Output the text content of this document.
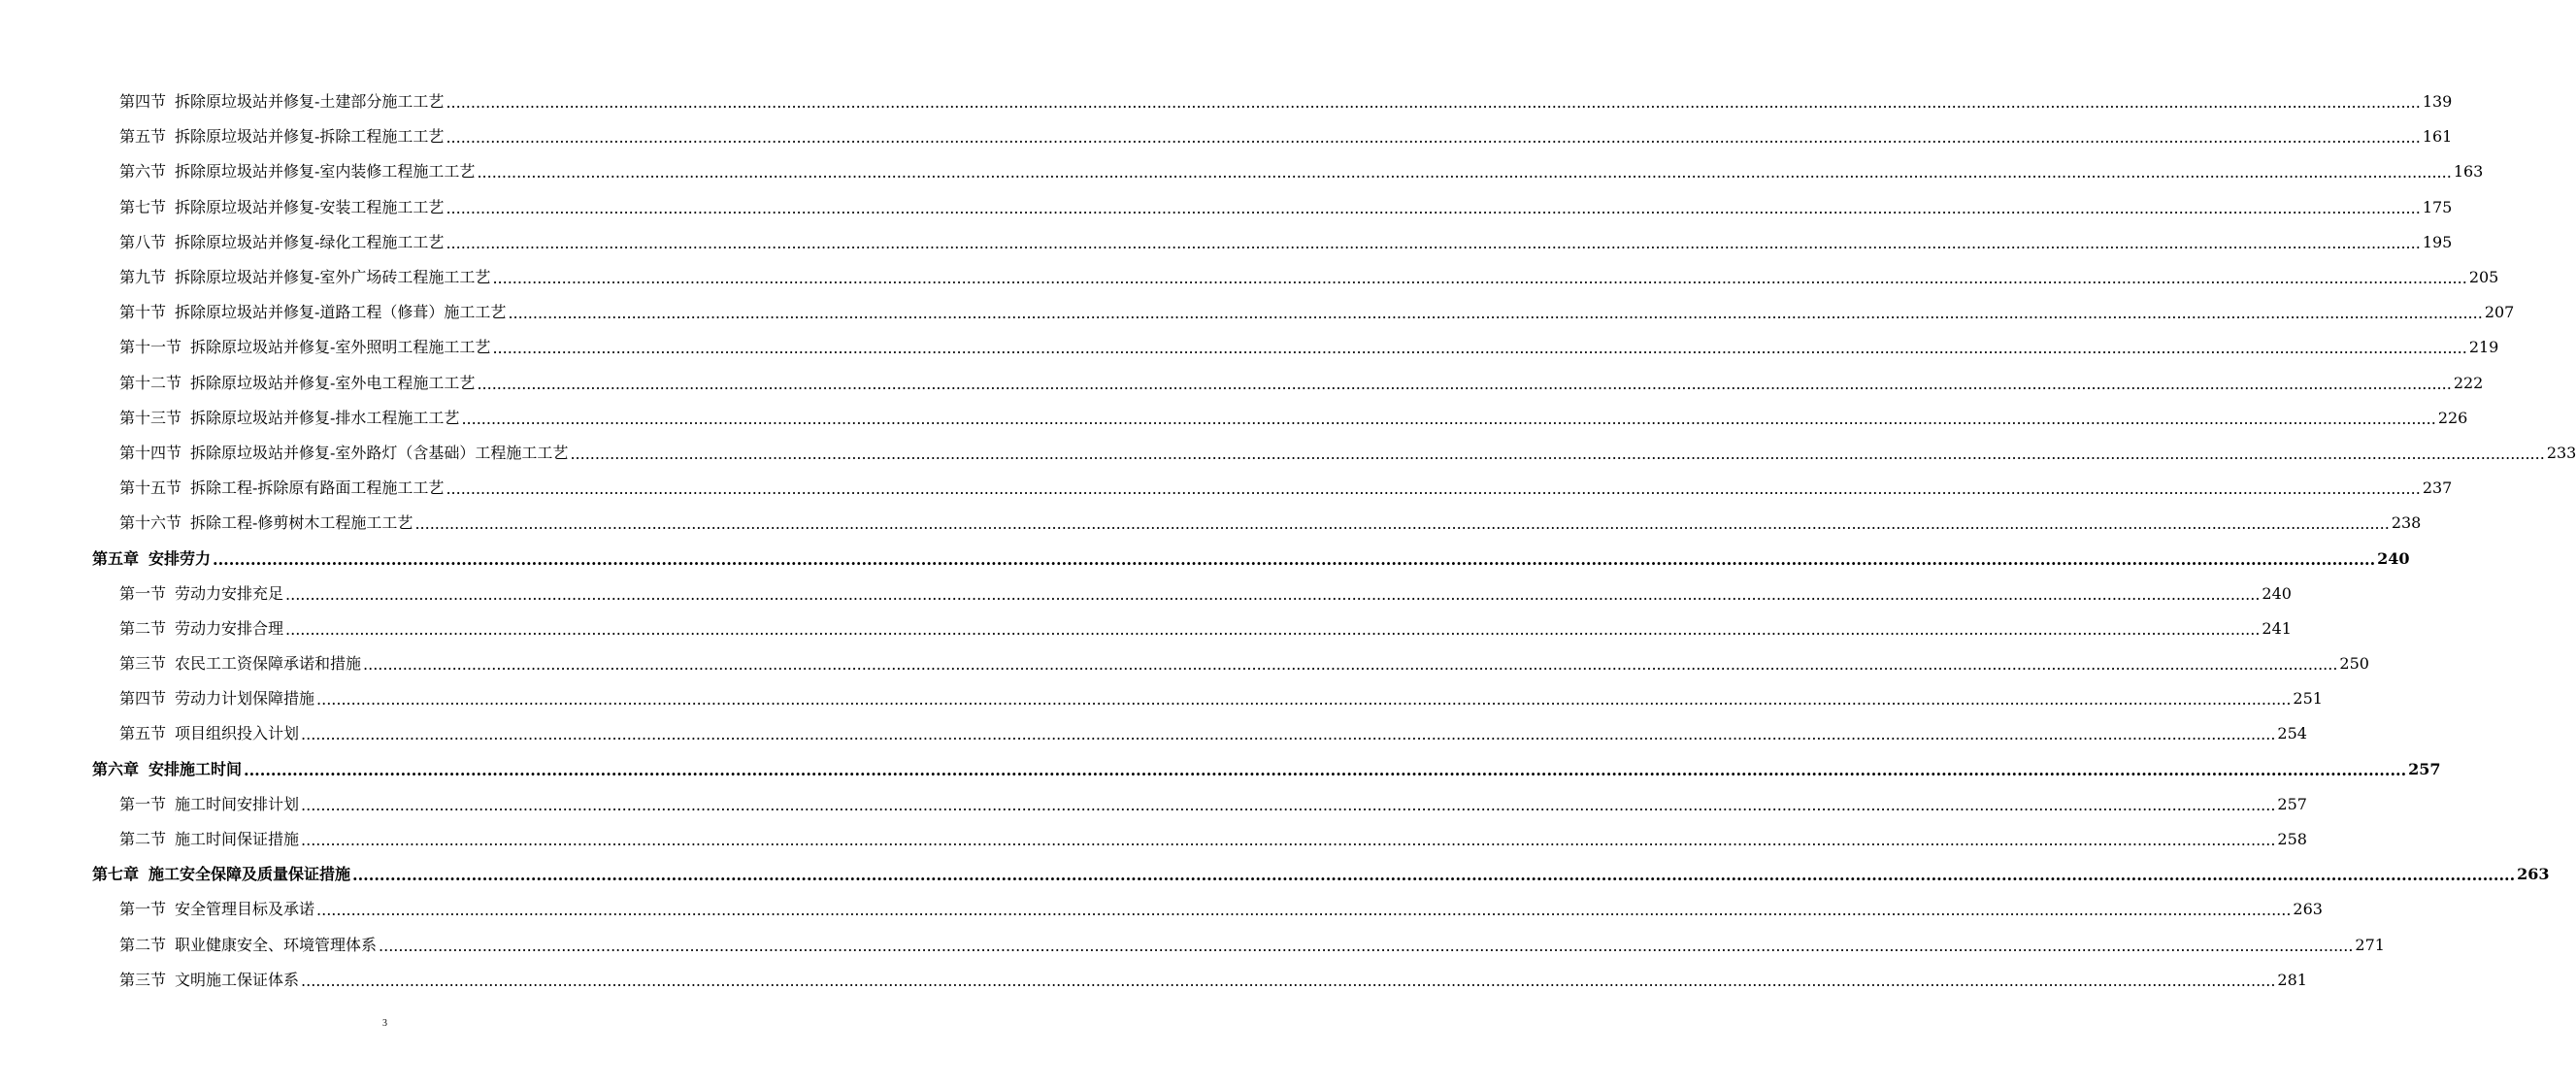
第四节 拆除原垃圾站并修复-土建部分施工工艺 ................................................................................................................................................................................................................................................................................................................................................................................................................ 139
第五节 拆除原垃圾站并修复-拆除工程施工工艺 ................................................................................................................................................................................................................................................................................................................................................................................................................ 161
第六节 拆除原垃圾站并修复-室内装修工程施工工艺 ................................................................................................................................................................................................................................................................................................................................................................................................................ 163
第七节 拆除原垃圾站并修复-安装工程施工工艺 ................................................................................................................................................................................................................................................................................................................................................................................................................ 175
第八节 拆除原垃圾站并修复-绿化工程施工工艺 ................................................................................................................................................................................................................................................................................................................................................................................................................ 195
第九节 拆除原垃圾站并修复-室外广场砖工程施工工艺 ................................................................................................................................................................................................................................................................................................................................................................................................................ 205
第十节 拆除原垃圾站并修复-道路工程（修葺）施工工艺 ................................................................................................................................................................................................................................................................................................................................................................................................................ 207
第十一节 拆除原垃圾站并修复-室外照明工程施工工艺 ................................................................................................................................................................................................................................................................................................................................................................................................................ 219
第十二节 拆除原垃圾站并修复-室外电工程施工工艺 ................................................................................................................................................................................................................................................................................................................................................................................................................ 222
第十三节 拆除原垃圾站并修复-排水工程施工工艺 ................................................................................................................................................................................................................................................................................................................................................................................................................ 226
第十四节 拆除原垃圾站并修复-室外路灯（含基础）工程施工工艺 ................................................................................................................................................................................................................................................................................................................................................................................................................ 233
第十五节 拆除工程-拆除原有路面工程施工工艺 ................................................................................................................................................................................................................................................................................................................................................................................................................ 237
第十六节 拆除工程-修剪树木工程施工工艺 ................................................................................................................................................................................................................................................................................................................................................................................................................ 238
第五章 安排劳力 ................................................................................................................................................................................................................................................................................................................................................................................................................ 240
第一节 劳动力安排充足 ................................................................................................................................................................................................................................................................................................................................................................................................................ 240
第二节 劳动力安排合理 ................................................................................................................................................................................................................................................................................................................................................................................................................ 241
第三节 农民工工资保障承诺和措施 ................................................................................................................................................................................................................................................................................................................................................................................................................ 250
第四节 劳动力计划保障措施 ................................................................................................................................................................................................................................................................................................................................................................................................................ 251
第五节 项目组织投入计划 ................................................................................................................................................................................................................................................................................................................................................................................................................ 254
第六章 安排施工时间 ................................................................................................................................................................................................................................................................................................................................................................................................................ 257
第一节 施工时间安排计划 ................................................................................................................................................................................................................................................................................................................................................................................................................ 257
第二节 施工时间保证措施 ................................................................................................................................................................................................................................................................................................................................................................................................................ 258
第七章 施工安全保障及质量保证措施 ................................................................................................................................................................................................................................................................................................................................................................................................................ 263
第一节 安全管理目标及承诺 ................................................................................................................................................................................................................................................................................................................................................................................................................ 263
第二节 职业健康安全、环境管理体系 ................................................................................................................................................................................................................................................................................................................................................................................................................ 271
第三节 文明施工保证体系 ................................................................................................................................................................................................................................................................................................................................................................................................................ 281
3
